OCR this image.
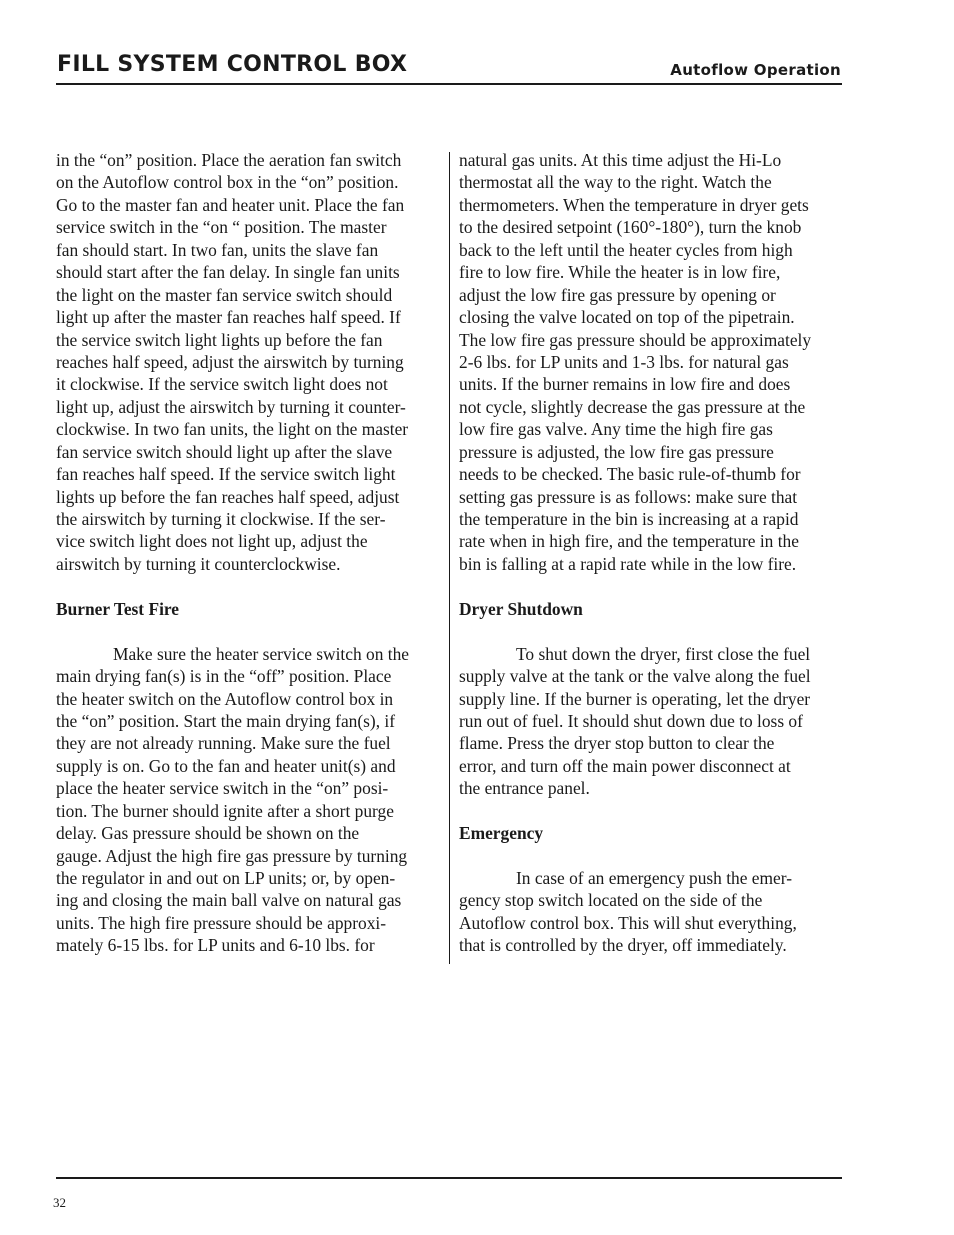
FILL SYSTEM CONTROL BOX	Autoflow Operation
in the “on” position. Place the aeration fan switch
on the Autoflow control box in the “on” position.
Go to the master fan and heater unit. Place the fan
service switch in the “on “ position. The master
fan should start. In two fan, units the slave fan
should start after the fan delay. In single fan units
the light on the master fan service switch should
light up after the master fan reaches half speed. If
the service switch light lights up before the fan
reaches half speed, adjust the airswitch by turning
it clockwise. If the service switch light does not
light up, adjust the airswitch by turning it counter-
clockwise. In two fan units, the light on the master
fan service switch should light up after the slave
fan reaches half speed. If the service switch light
lights up before the fan reaches half speed, adjust
the airswitch by turning it clockwise. If the ser-
vice switch light does not light up, adjust the
airswitch by turning it counterclockwise.
Burner Test Fire
Make sure the heater service switch on the
main drying fan(s) is in the “off” position. Place
the heater switch on the Autoflow control box in
the “on” position. Start the main drying fan(s), if
they are not already running. Make sure the fuel
supply is on. Go to the fan and heater unit(s) and
place the heater service switch in the “on” posi-
tion. The burner should ignite after a short purge
delay. Gas pressure should be shown on the
gauge. Adjust the high fire gas pressure by turning
the regulator in and out on LP units; or, by open-
ing and closing the main ball valve on natural gas
units. The high fire pressure should be approxi-
mately 6-15 lbs. for LP units and 6-10 lbs. for
natural gas units. At this time adjust the Hi-Lo
thermostat all the way to the right. Watch the
thermometers. When the temperature in dryer gets
to the desired setpoint (160°-180°), turn the knob
back to the left until the heater cycles from high
fire to low fire. While the heater is in low fire,
adjust the low fire gas pressure by opening or
closing the valve located on top of the pipetrain.
The low fire gas pressure should be approximately
2-6 lbs. for LP units and 1-3 lbs. for natural gas
units. If the burner remains in low fire and does
not cycle, slightly decrease the gas pressure at the
low fire gas valve. Any time the high fire gas
pressure is adjusted, the low fire gas pressure
needs to be checked. The basic rule-of-thumb for
setting gas pressure is as follows: make sure that
the temperature in the bin is increasing at a rapid
rate when in high fire, and the temperature in the
bin is falling at a rapid rate while in the low fire.
Dryer Shutdown
To shut down the dryer, first close the fuel
supply valve at the tank or the valve along the fuel
supply line. If the burner is operating, let the dryer
run out of fuel. It should shut down due to loss of
flame. Press the dryer stop button to clear the
error, and turn off the main power disconnect at
the entrance panel.
Emergency
In case of an emergency push the emer-
gency stop switch located on the side of the
Autoflow control box. This will shut everything,
that is controlled by the dryer, off immediately.
32
